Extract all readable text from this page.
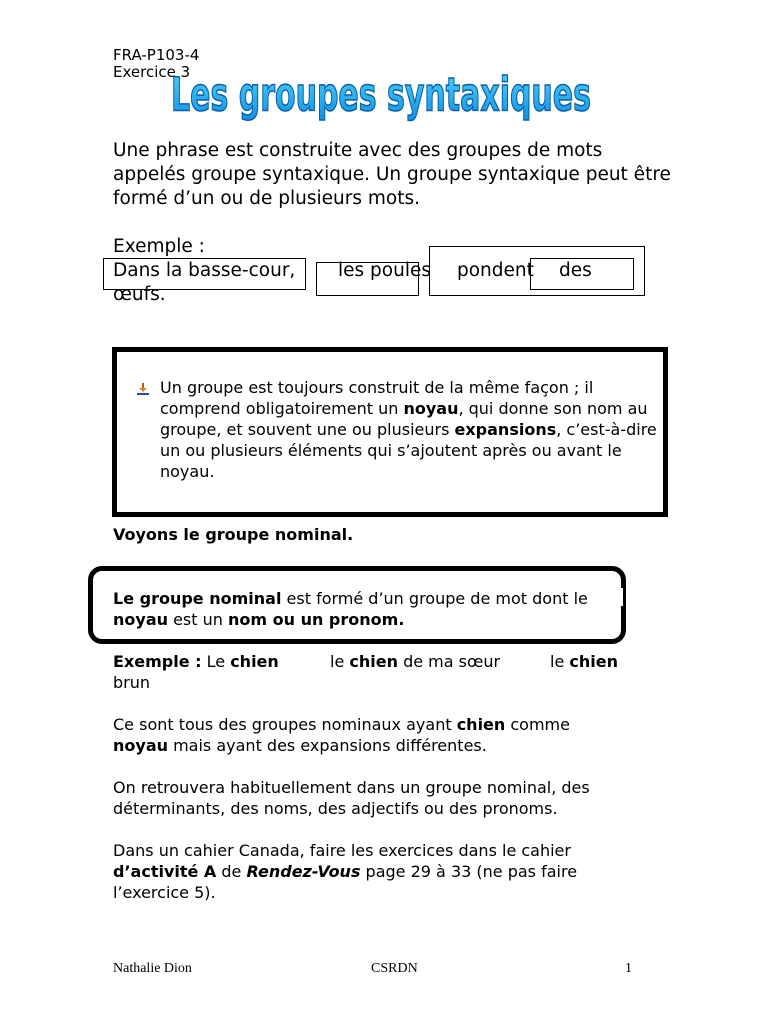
FRA-P103-4
Exercice 3
Les groupes syntaxiques
Une phrase est construite avec des groupes de mots appelés groupe syntaxique. Un groupe syntaxique peut être formé d’un ou de plusieurs mots.
Exemple :
Dans la basse-cour, les poules pondent des
œufs.
Un groupe est toujours construit de la même façon ; il comprend obligatoirement un noyau, qui donne son nom au groupe, et souvent une ou plusieurs expansions, c’est-à-dire un ou plusieurs éléments qui s’ajoutent après ou avant le noyau.
Voyons le groupe nominal.
Le groupe nominal est formé d’un groupe de mot dont le
noyau est un nom ou un pronom.
Exemple : Le chien	le chien de ma sœur	le chien
brun
Ce sont tous des groupes nominaux ayant chien comme
noyau mais ayant des expansions différentes.
On retrouvera habituellement dans un groupe nominal, des déterminants, des noms, des adjectifs ou des pronoms.
Dans un cahier Canada, faire les exercices dans le cahier
d’activité A de Rendez-Vous page 29 à 33 (ne pas faire l’exercice 5).
Nathalie Dion	CSRDN	1
